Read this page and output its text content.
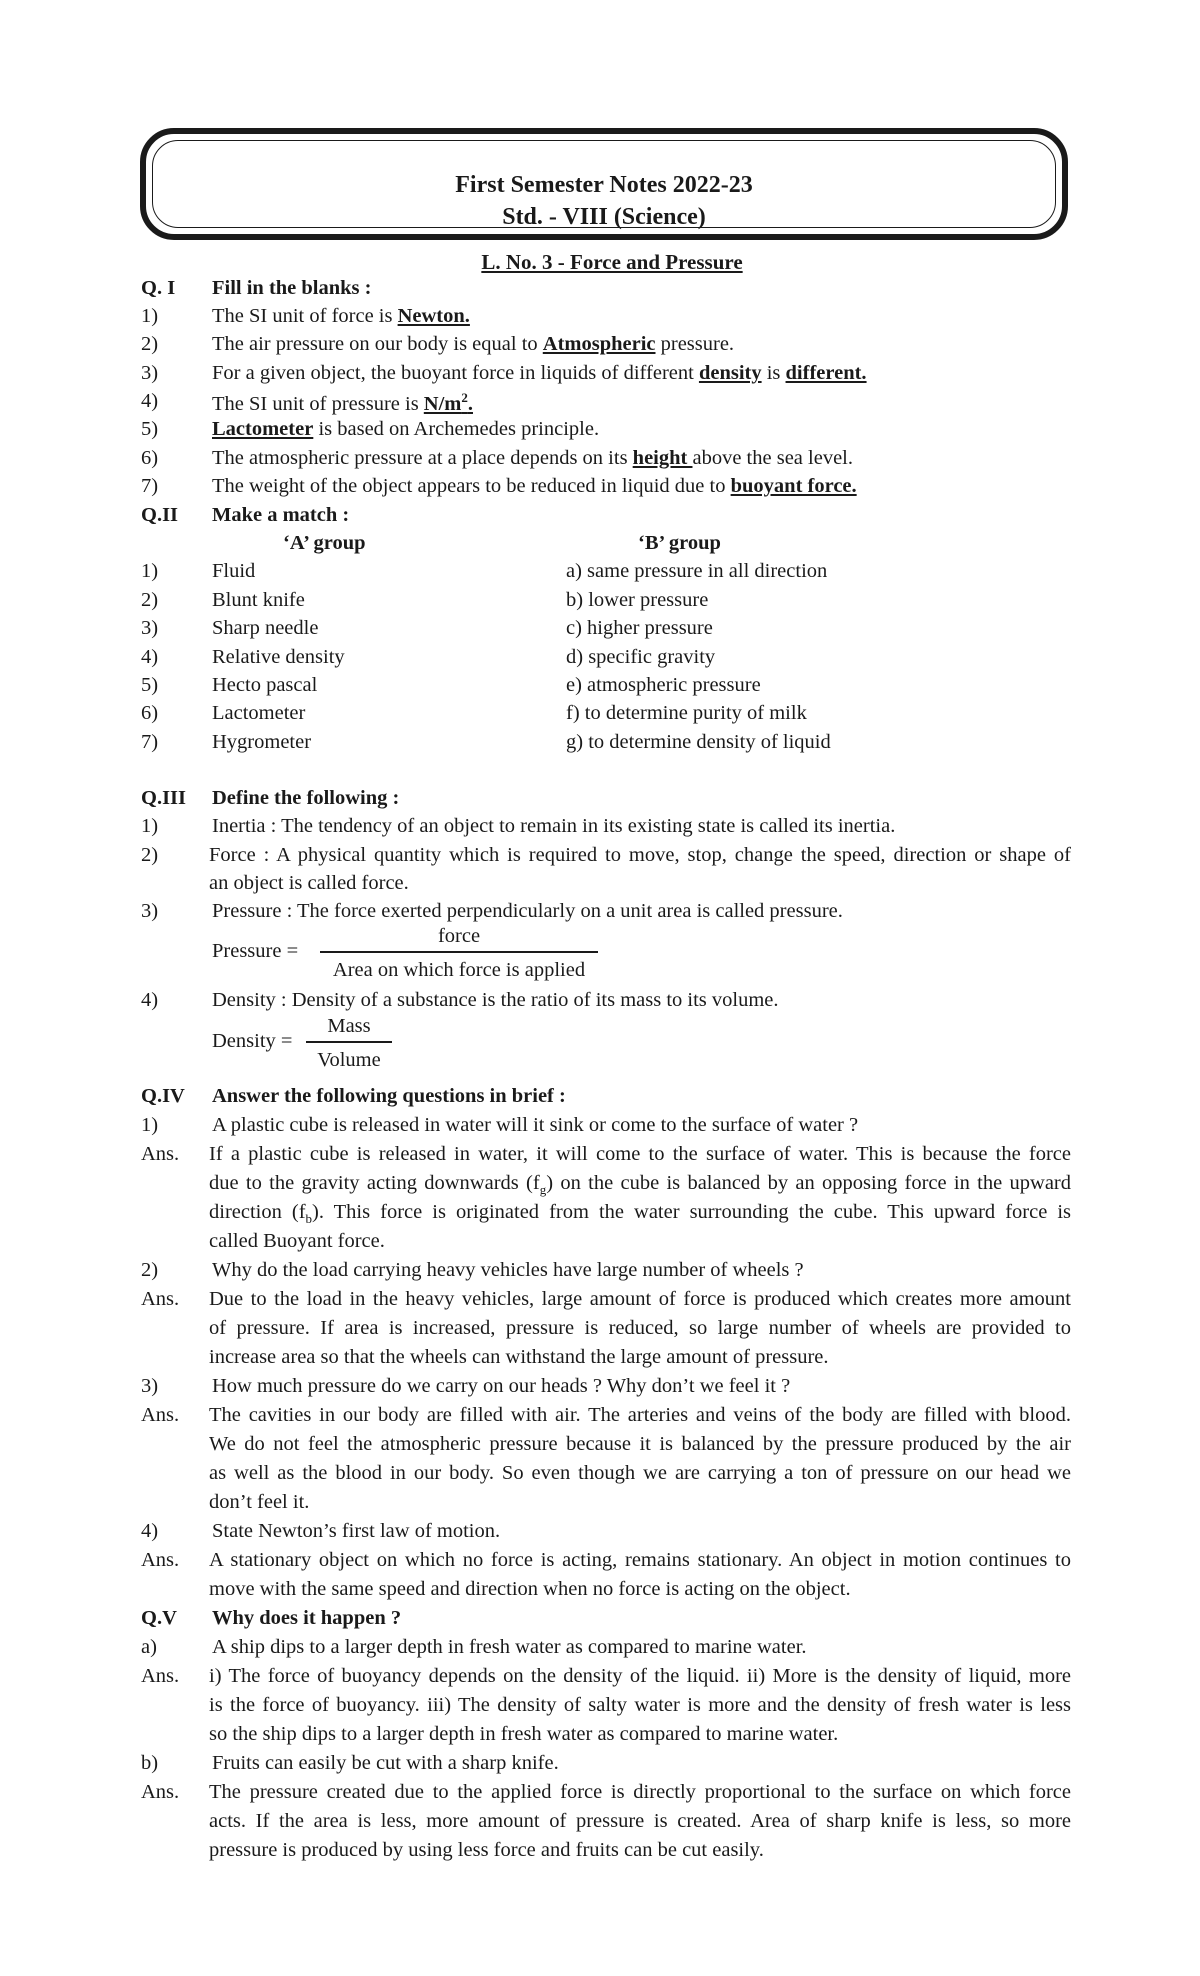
First Semester Notes 2022-23
Std. - VIII (Science)
L. No. 3 - Force and Pressure
Q. I Fill in the blanks :
1)	The SI unit of force is Newton.
2)	The air pressure on our body is equal to Atmospheric pressure.
3)	For a given object, the buoyant force in liquids of different density is different.
4)	The SI unit of pressure is $N/m^2$.
5)	Lactometer is based on Archemedes principle.
6)	The atmospheric pressure at a place depends on its height above the sea level.
7)	The weight of the object appears to be reduced in liquid due to buoyant force.
Q.II Make a match :
‘A’ group	‘B’ group
1)	Fluid	a) same pressure in all direction
2)	Blunt knife	b) lower pressure
3)	Sharp needle	c) higher pressure
4)	Relative density	d) specific gravity
5)	Hecto pascal	e) atmospheric pressure
6)	Lactometer	f) to determine purity of milk
7)	Hygrometer	g) to determine density of liquid
Q.III Define the following :
1)	Inertia : The tendency of an object to remain in its existing state is called its inertia.
2) Force : A physical quantity which is required to move, stop, change the speed, direction or shape of
an object is called force.
3)	Pressure : The force exerted perpendicularly on a unit area is called pressure.
Pressure =
force
Area on which force is applied
4)	Density : Density of a substance is the ratio of its mass to its volume.
Density =
Mass
Volume
Q.IV Answer the following questions in brief :
1)	A plastic cube is released in water will it sink or come to the surface of water ?
Ans. If a plastic cube is released in water, it will come to the surface of water. This is because the force
due to the gravity acting downwards $(f_g)$ on the cube is balanced by an opposing force in the upward
direction $(f_b)$. This force is originated from the water surrounding the cube. This upward force is
called Buoyant force.
2)	Why do the load carrying heavy vehicles have large number of wheels ?
Ans. Due to the load in the heavy vehicles, large amount of force is produced which creates more amount
of pressure. If area is increased, pressure is reduced, so large number of wheels are provided to
increase area so that the wheels can withstand the large amount of pressure.
3)	How much pressure do we carry on our heads ? Why don’t we feel it ?
Ans. The cavities in our body are filled with air. The arteries and veins of the body are filled with blood.
We do not feel the atmospheric pressure because it is balanced by the pressure produced by the air
as well as the blood in our body. So even though we are carrying a ton of pressure on our head we
don’t feel it.
4)	State Newton’s first law of motion.
Ans. A stationary object on which no force is acting, remains stationary. An object in motion continues to
move with the same speed and direction when no force is acting on the object.
Q.V Why does it happen ?
a)	A ship dips to a larger depth in fresh water as compared to marine water.
Ans. i) The force of buoyancy depends on the density of the liquid. ii) More is the density of liquid, more
is the force of buoyancy. iii) The density of salty water is more and the density of fresh water is less
so the ship dips to a larger depth in fresh water as compared to marine water.
b)	Fruits can easily be cut with a sharp knife.
Ans. The pressure created due to the applied force is directly proportional to the surface on which force
acts. If the area is less, more amount of pressure is created. Area of sharp knife is less, so more
pressure is produced by using less force and fruits can be cut easily.
